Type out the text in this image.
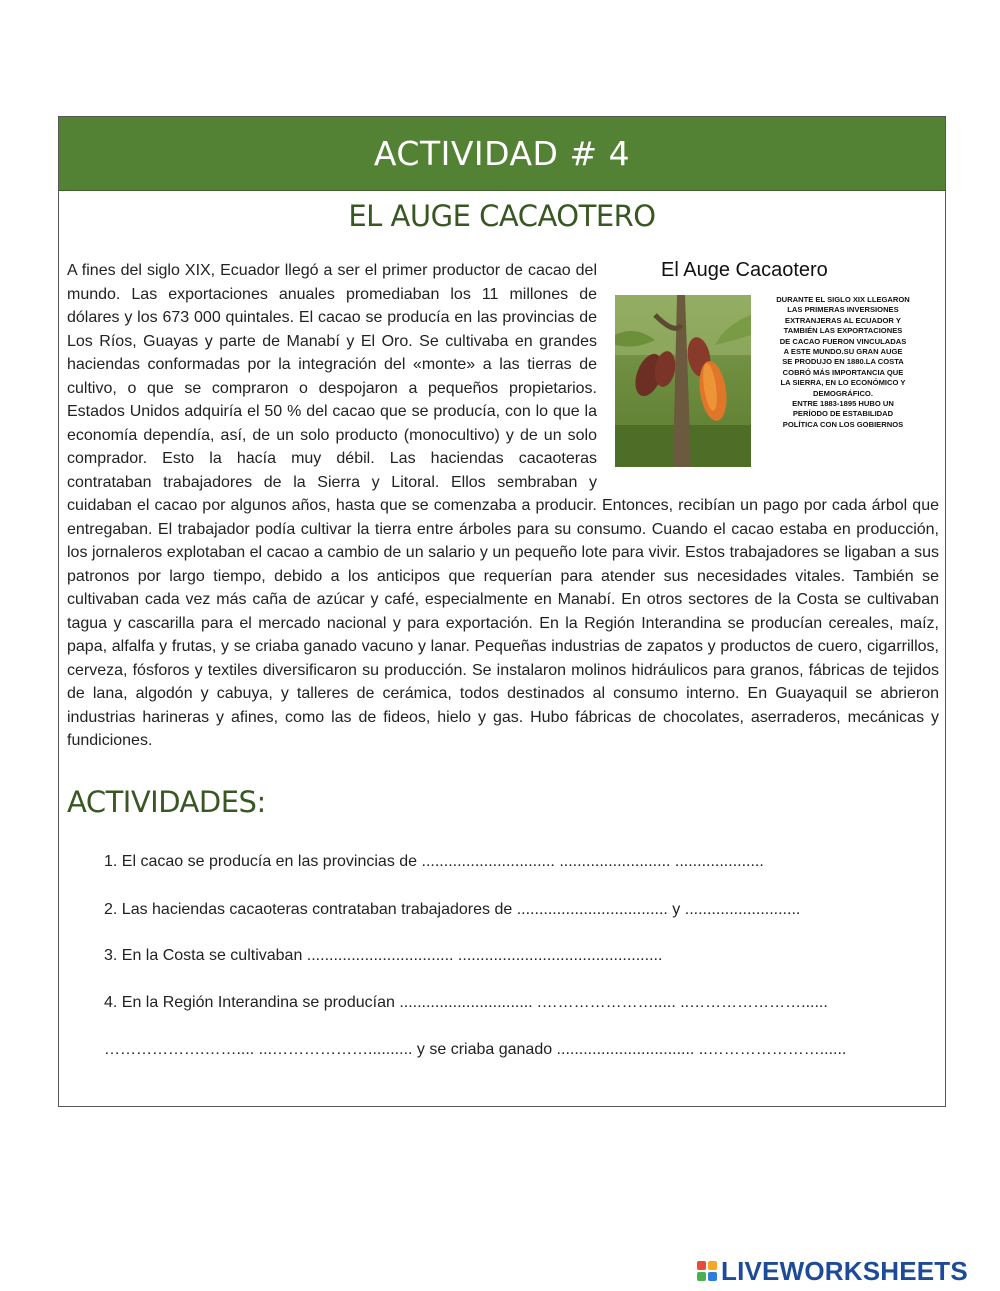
ACTIVIDAD # 4
EL AUGE CACAOTERO
El Auge Cacaotero
DURANTE EL SIGLO XIX LLEGARON
LAS PRIMERAS INVERSIONES
EXTRANJERAS AL ECUADOR Y
TAMBIÉN LAS EXPORTACIONES
DE CACAO FUERON VINCULADAS
A ESTE MUNDO.SU GRAN AUGE
SE PRODUJO EN 1880.LA COSTA
COBRÓ MÁS IMPORTANCIA QUE
LA SIERRA, EN LO ECONÓMICO Y
DEMOGRÁFICO.
ENTRE 1883-1895 HUBO UN
PERÍODO DE ESTABILIDAD
POLÍTICA CON LOS GOBIERNOS

A fines del siglo XIX, Ecuador llegó a ser el primer productor de cacao del mundo. Las exportaciones anuales promediaban los 11 millones de dólares y los 673 000 quintales. El cacao se producía en las provincias de Los Ríos, Guayas y parte de Manabí y El Oro. Se cultivaba en grandes haciendas conformadas por la integración del «monte» a las tierras de cultivo, o que se compraron o despojaron a pequeños propietarios. Estados Unidos adquiría el 50 % del cacao que se producía, con lo que la economía dependía, así, de un solo producto (monocultivo) y de un solo comprador. Esto la hacía muy débil. Las haciendas cacaoteras contrataban trabajadores de la Sierra y Litoral. Ellos sembraban y cuidaban el cacao por algunos años, hasta que se comenzaba a producir. Entonces, recibían un pago por cada árbol que entregaban. El trabajador podía cultivar la tierra entre árboles para su consumo. Cuando el cacao estaba en producción, los jornaleros explotaban el cacao a cambio de un salario y un pequeño lote para vivir. Estos trabajadores se ligaban a sus patronos por largo tiempo, debido a los anticipos que requerían para atender sus necesidades vitales. También se cultivaban cada vez más caña de azúcar y café, especialmente en Manabí. En otros sectores de la Costa se cultivaban tagua y cascarilla para el mercado nacional y para exportación. En la Región Interandina se producían cereales, maíz, papa, alfalfa y frutas, y se criaba ganado vacuno y lanar. Pequeñas industrias de zapatos y productos de cuero, cigarrillos, cerveza, fósforos y textiles diversificaron su producción. Se instalaron molinos hidráulicos para granos, fábricas de tejidos de lana, algodón y cabuya, y talleres de cerámica, todos destinados al consumo interno. En Guayaquil se abrieron industrias harineras y afines, como las de fideos, hielo y gas. Hubo fábricas de chocolates, aserraderos, mecánicas y fundiciones.

ACTIVIDADES:
1. El cacao se producía en las provincias de .............................. ......................... ....................
2. Las haciendas cacaoteras contrataban trabajadores de .................................. y ..........................
3. En la Costa se cultivaban ................................. ..............................................
4. En la Región Interandina se producían .............................. .…………………..... ..…………………......
……………….…….... ...……………….......... y se criaba ganado ............................... ..…………………......
LIVEWORKSHEETS
